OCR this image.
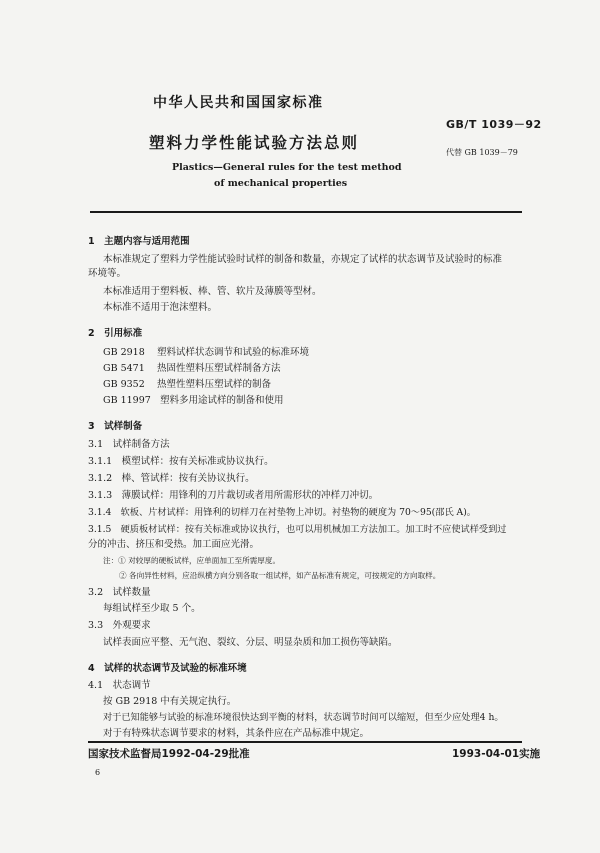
中华人民共和国国家标准
GB/T 1039－92
塑料力学性能试验方法总则
代替 GB 1039－79
Plastics—General rules for the test method
of mechanical properties
1　主题内容与适用范围
本标准规定了塑料力学性能试验时试样的制备和数量，亦规定了试样的状态调节及试验时的标准
环境等。
本标准适用于塑料板、棒、管、软片及薄膜等型材。
本标准不适用于泡沫塑料。
2　引用标准
GB 2918 塑料试样状态调节和试验的标准环境
GB 5471 热固性塑料压塑试样制备方法
GB 9352 热塑性塑料压塑试样的制备
GB 11997 塑料多用途试样的制备和使用
3　试样制备
3.1　试样制备方法
3.1.1　模塑试样：按有关标准或协议执行。
3.1.2　棒、管试样：按有关协议执行。
3.1.3　薄膜试样：用锋利的刀片裁切或者用所需形状的冲样刀冲切。
3.1.4　软板、片材试样：用锋利的切样刀在衬垫物上冲切。衬垫物的硬度为 70～95(邵氏 A)。
3.1.5　硬质板材试样：按有关标准或协议执行，也可以用机械加工方法加工。加工时不应使试样受到过
分的冲击、挤压和受热。加工面应光滑。
注：① 对较厚的硬板试样，应单面加工至所需厚度。
② 各向异性材料，应沿纵横方向分别各取一组试样，如产品标准有规定，可按规定的方向取样。
3.2　试样数量
每组试样至少取 5 个。
3.3　外观要求
试样表面应平整、无气泡、裂纹、分层、明显杂质和加工损伤等缺陷。
4　试样的状态调节及试验的标准环境
4.1　状态调节
按 GB 2918 中有关规定执行。
对于已知能够与试验的标准环境很快达到平衡的材料，状态调节时间可以缩短，但至少应处理4 h。
对于有特殊状态调节要求的材料，其条件应在产品标准中规定。
国家技术监督局1992-04-29批准	1993-04-01实施
6
